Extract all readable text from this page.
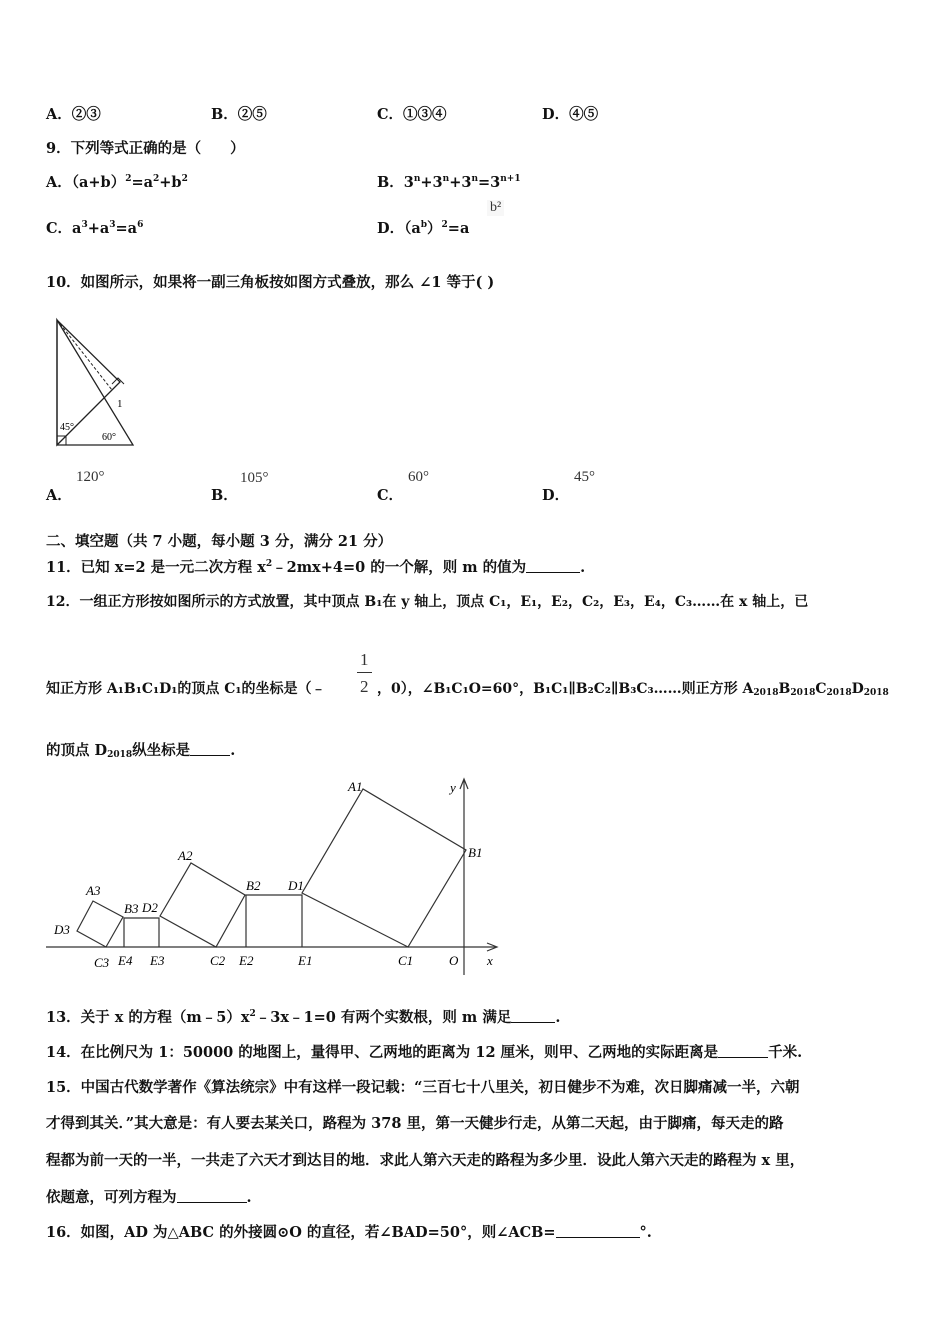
A．②③	B．②⑤	C．①③④	D．④⑤
9．下列等式正确的是（　　）
A．$(a+b)^2=a^2+b^2$	B．$3^n+3^n+3^n=3^{n+1}$
C．$a^3+a^3=a^6$	D．$(a^b)^2=a$
b²
10．如图所示，如果将一副三角板按如图方式叠放，那么 ∠1 等于( )
1
45°
60°
A．
120°
B．
105°
C．
60°
D．
45°
二、填空题（共 7 小题，每小题 3 分，满分 21 分）
11．已知 x=2 是一元二次方程 $x^2﹣2mx+4=0$ 的一个解，则 m 的值为	.
12．一组正方形按如图所示的方式放置，其中顶点 B₁在 y 轴上，顶点 C₁，E₁，E₂，C₂，E₃，E₄，C₃……在 x 轴上，已
1
2
知正方形 A₁B₁C₁D₁的顶点 C₁的坐标是（﹣	，0），∠B₁C₁O=60°，B₁C₁∥B₂C₂∥B₃C₃……则正方形 $A_{2018}B_{2018}C_{2018}D_{2018}$
的顶点 $D_{2018}$纵坐标是	.
A1
B1
C1
D1
E1
A2
B2
C2
D2
E2
A3
B3
C3
D3
E3
E4	O x
y
13．关于 x 的方程$(m﹣5)x^2﹣3x﹣1=0$ 有两个实数根，则 m 满足	.
14．在比例尺为 1：50000 的地图上，量得甲、乙两地的距离为 12 厘米，则甲、乙两地的实际距离是	千米.
15．中国古代数学著作《算法统宗》中有这样一段记载：“三百七十八里关，初日健步不为难，次日脚痛减一半，六朝
才得到其关．”其大意是：有人要去某关口，路程为 378 里，第一天健步行走，从第二天起，由于脚痛，每天走的路
程都为前一天的一半，一共走了六天才到达目的地．求此人第六天走的路程为多少里．设此人第六天走的路程为 x 里，
依题意，可列方程为	.
16．如图，AD 为△ABC 的外接圆⊙O 的直径，若∠BAD=50°，则∠ACB=	°.
